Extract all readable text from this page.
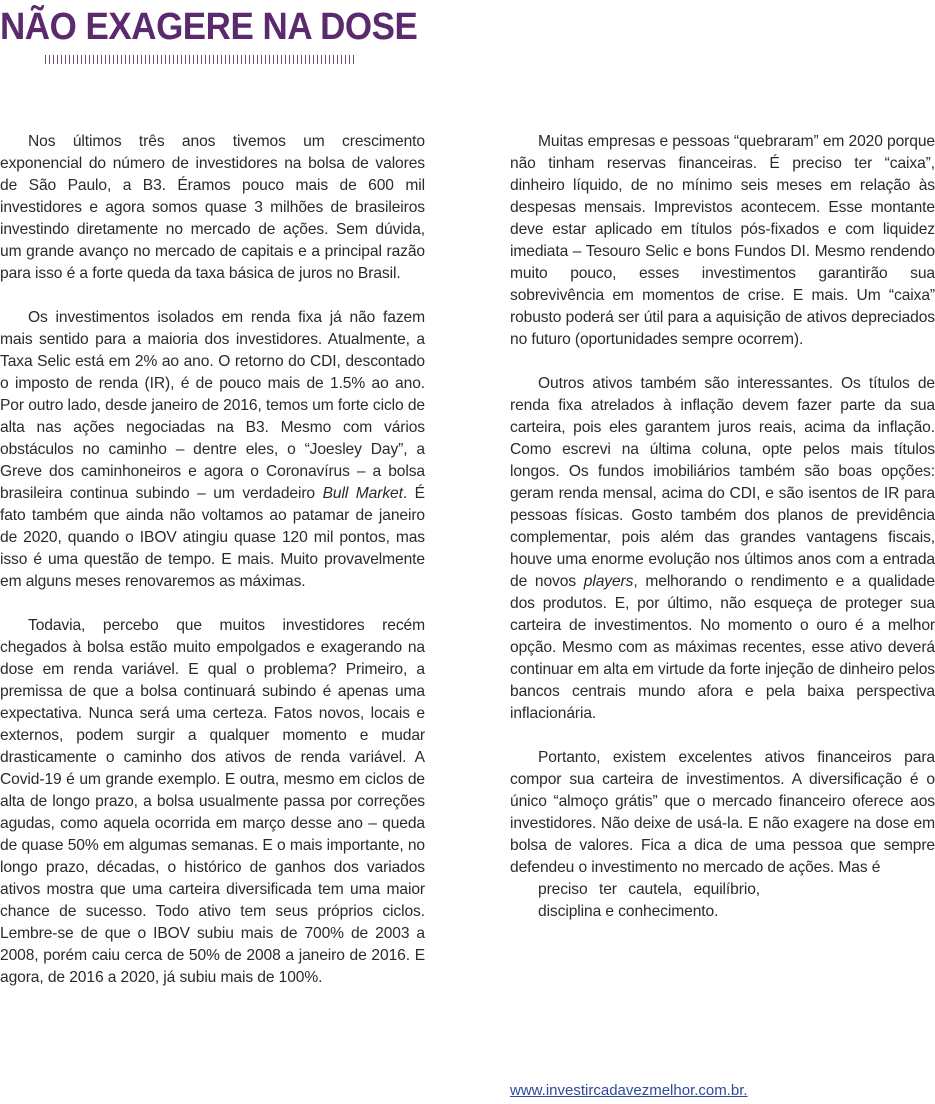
NÃO EXAGERE NA DOSE

Nos últimos três anos tivemos um crescimento exponencial do número de investidores na bolsa de valores de São Paulo, a B3. Éramos pouco mais de 600 mil investidores e agora somos quase 3 milhões de brasileiros investindo diretamente no mercado de ações. Sem dúvida, um grande avanço no mercado de capitais e a principal razão para isso é a forte queda da taxa básica de juros no Brasil.

Os investimentos isolados em renda fixa já não fazem mais sentido para a maioria dos investidores. Atualmente, a Taxa Selic está em 2% ao ano. O retorno do CDI, descontado o imposto de renda (IR), é de pouco mais de 1.5% ao ano. Por outro lado, desde janeiro de 2016, temos um forte ciclo de alta nas ações negociadas na B3. Mesmo com vários obstáculos no caminho – dentre eles, o “Joesley Day”, a Greve dos caminhoneiros e agora o Coronavírus – a bolsa brasileira continua subindo – um verdadeiro Bull Market. É fato também que ainda não voltamos ao patamar de janeiro de 2020, quando o IBOV atingiu quase 120 mil pontos, mas isso é uma questão de tempo. E mais. Muito provavelmente em alguns meses renovaremos as máximas.

Todavia, percebo que muitos investidores recém chegados à bolsa estão muito empolgados e exagerando na dose em renda variável. E qual o problema? Primeiro, a premissa de que a bolsa continuará subindo é apenas uma expectativa. Nunca será uma certeza. Fatos novos, locais e externos, podem surgir a qualquer momento e mudar drasticamente o caminho dos ativos de renda variável. A Covid-19 é um grande exemplo. E outra, mesmo em ciclos de alta de longo prazo, a bolsa usualmente passa por correções agudas, como aquela ocorrida em março desse ano – queda de quase 50% em algumas semanas. E o mais importante, no longo prazo, décadas, o histórico de ganhos dos variados ativos mostra que uma carteira diversificada tem uma maior chance de sucesso. Todo ativo tem seus próprios ciclos. Lembre-se de que o IBOV subiu mais de 700% de 2003 a 2008, porém caiu cerca de 50% de 2008 a janeiro de 2016. E agora, de 2016 a 2020, já subiu mais de 100%.

Muitas empresas e pessoas “quebraram” em 2020 porque não tinham reservas financeiras. É preciso ter “caixa”, dinheiro líquido, de no mínimo seis meses em relação às despesas mensais. Imprevistos acontecem. Esse montante deve estar aplicado em títulos pós-fixados e com liquidez imediata – Tesouro Selic e bons Fundos DI. Mesmo rendendo muito pouco, esses investimentos garantirão sua sobrevivência em momentos de crise. E mais. Um “caixa” robusto poderá ser útil para a aquisição de ativos depreciados no futuro (oportunidades sempre ocorrem).

Outros ativos também são interessantes. Os títulos de renda fixa atrelados à inflação devem fazer parte da sua carteira, pois eles garantem juros reais, acima da inflação. Como escrevi na última coluna, opte pelos mais títulos longos. Os fundos imobiliários também são boas opções: geram renda mensal, acima do CDI, e são isentos de IR para pessoas físicas. Gosto também dos planos de previdência complementar, pois além das grandes vantagens fiscais, houve uma enorme evolução nos últimos anos com a entrada de novos players, melhorando o rendimento e a qualidade dos produtos. E, por último, não esqueça de proteger sua carteira de investimentos. No momento o ouro é a melhor opção. Mesmo com as máximas recentes, esse ativo deverá continuar em alta em virtude da forte injeção de dinheiro pelos bancos centrais mundo afora e pela baixa perspectiva inflacionária.

Portanto, existem excelentes ativos financeiros para compor sua carteira de investimentos. A diversificação é o único “almoço grátis” que o mercado financeiro oferece aos investidores. Não deixe de usá-la. E não exagere na dose em bolsa de valores. Fica a dica de uma pessoa que sempre defendeu o investimento no mercado de ações. Mas é
preciso ter cautela, equilíbrio,
disciplina e conhecimento.

www.investircadavezmelhor.com.br.
